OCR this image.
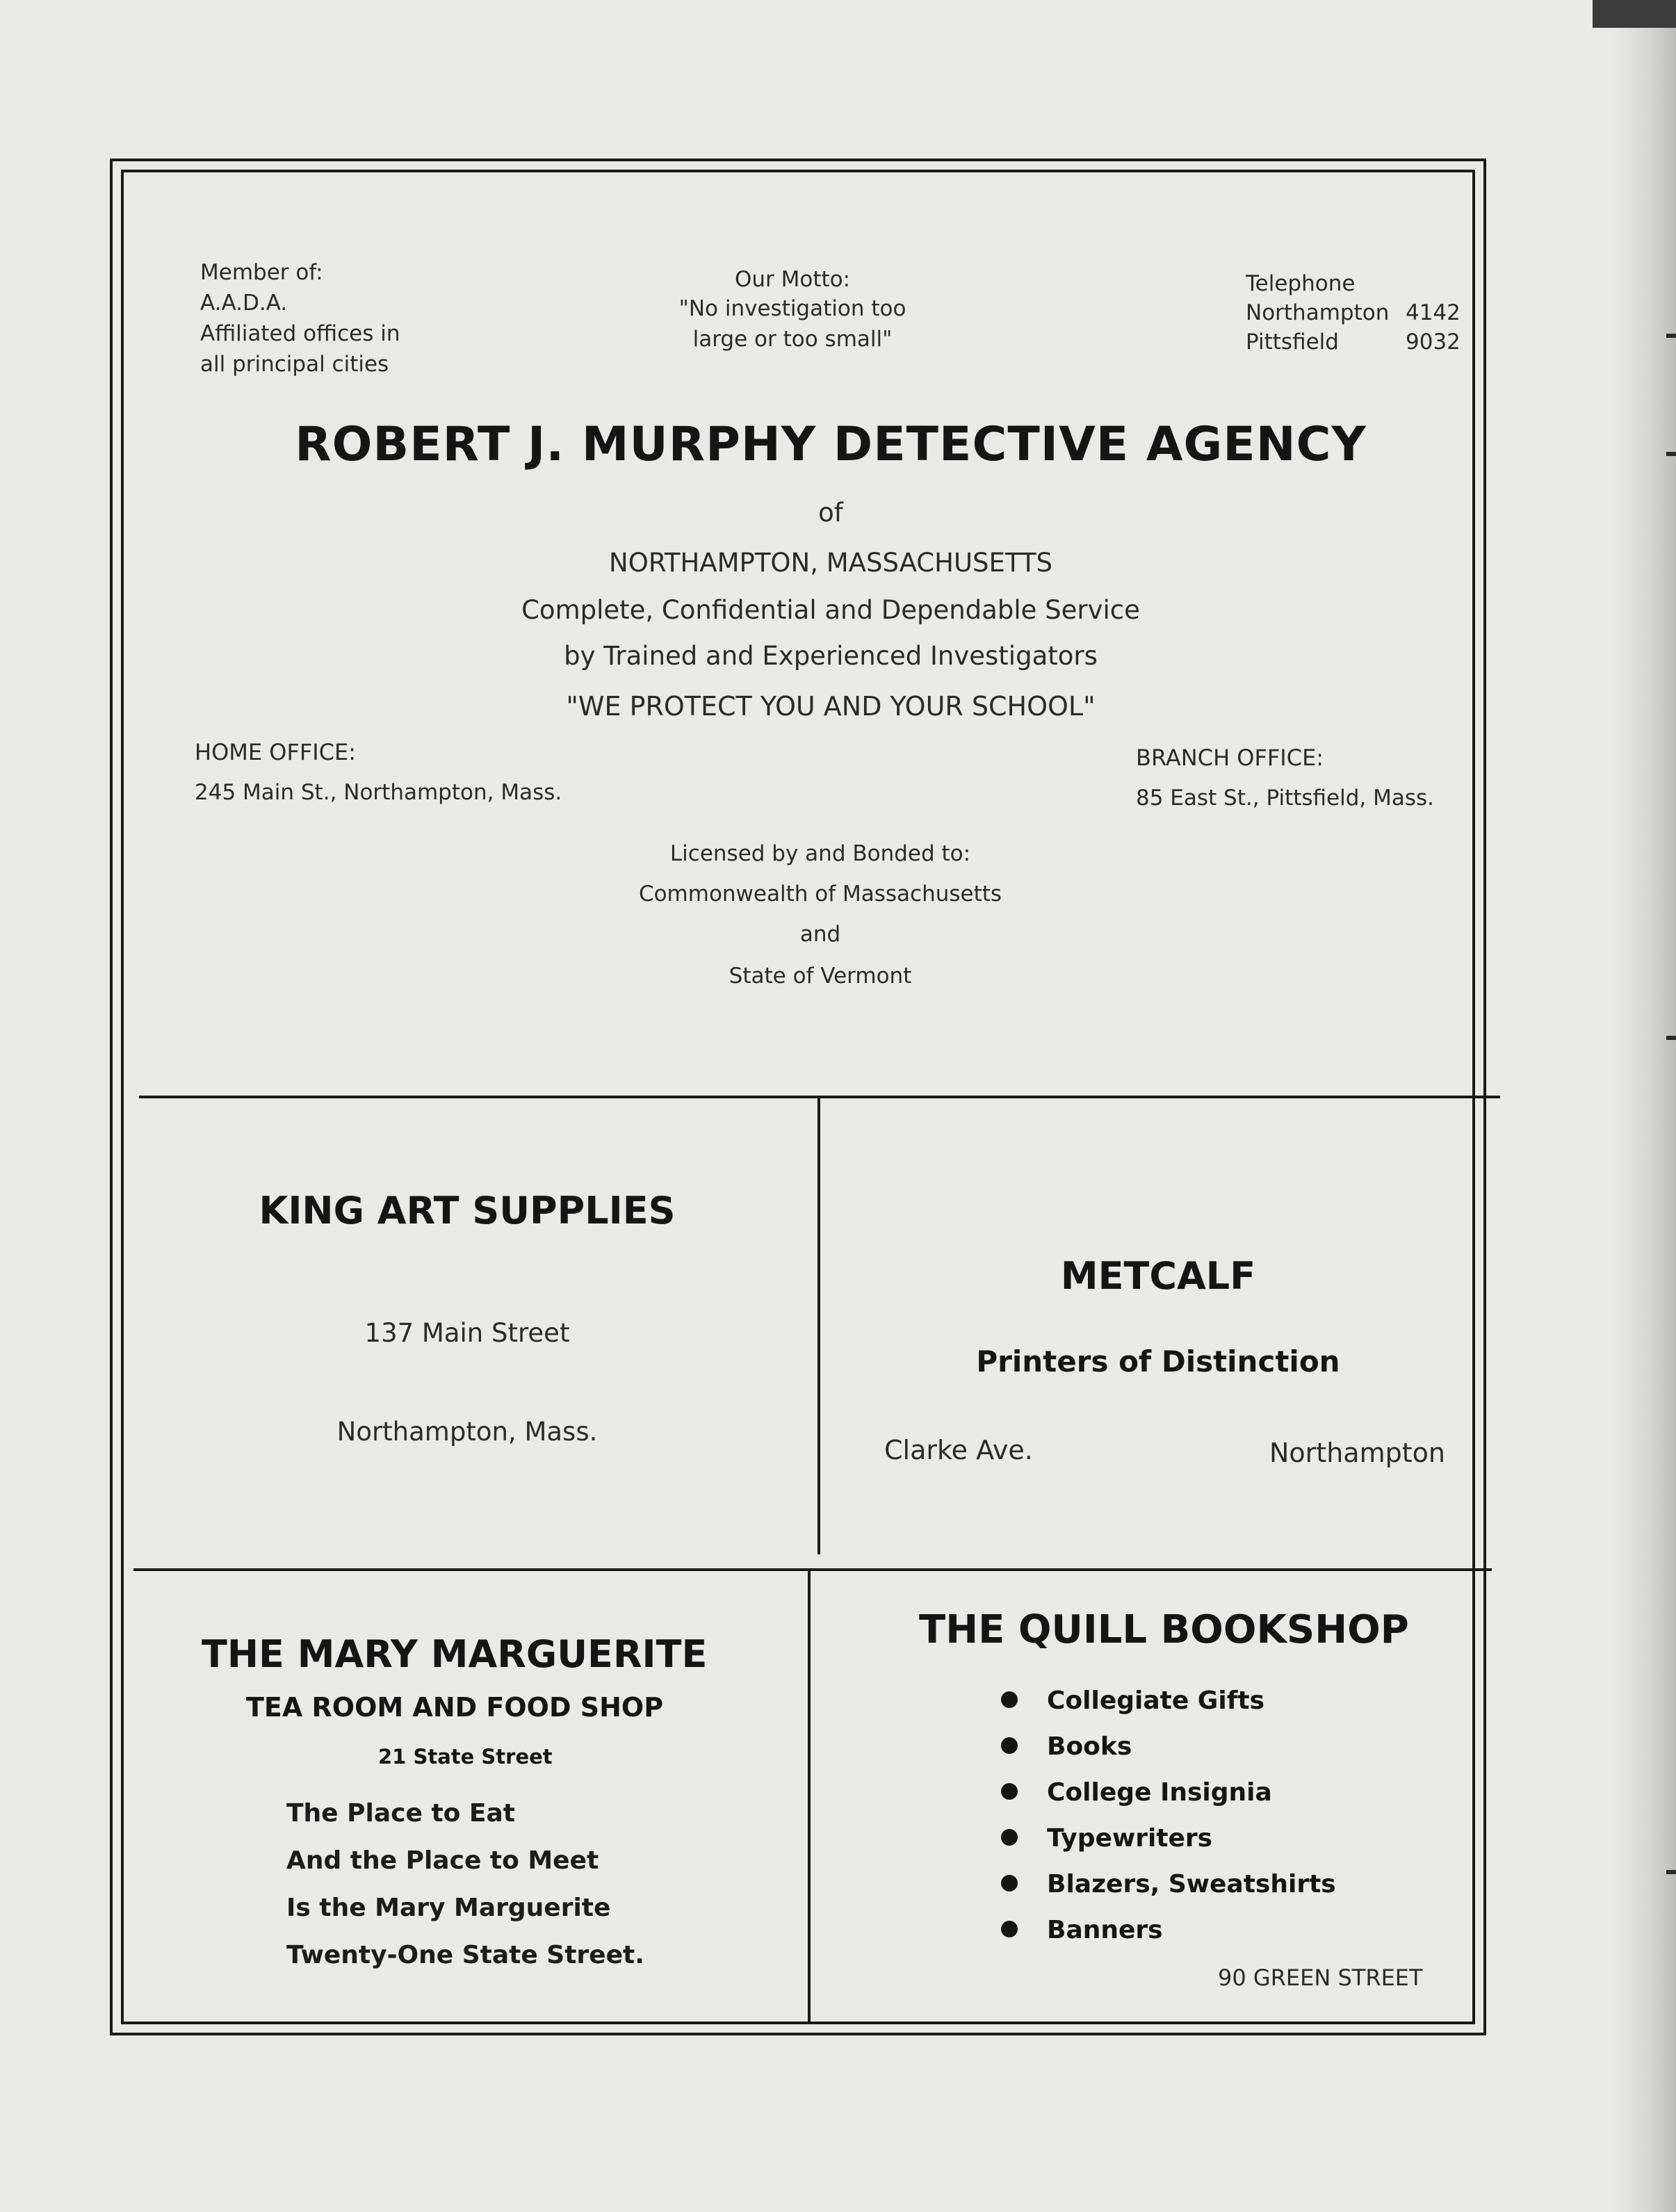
Member of:
A.A.D.A.
Affiliated offices in
all principal cities
Our Motto:
"No investigation too
large or too small"
Telephone
Northampton 4142
Pittsfield	9032
ROBERT J. MURPHY DETECTIVE AGENCY
of
NORTHAMPTON, MASSACHUSETTS
Complete, Confidential and Dependable Service
by Trained and Experienced Investigators
"WE PROTECT YOU AND YOUR SCHOOL"
HOME OFFICE:
245 Main St., Northampton, Mass.
BRANCH OFFICE:
85 East St., Pittsfield, Mass.
Licensed by and Bonded to:
Commonwealth of Massachusetts
and
State of Vermont
KING ART SUPPLIES
137 Main Street
Northampton, Mass.
METCALF
Printers of Distinction
Clarke Ave.	Northampton
THE MARY MARGUERITE
TEA ROOM AND FOOD SHOP
21 State Street
The Place to Eat
And the Place to Meet
Is the Mary Marguerite
Twenty-One State Street.
THE QUILL BOOKSHOP
Collegiate Gifts
Books
College Insignia
Typewriters
Blazers, Sweatshirts
Banners
90 GREEN STREET
